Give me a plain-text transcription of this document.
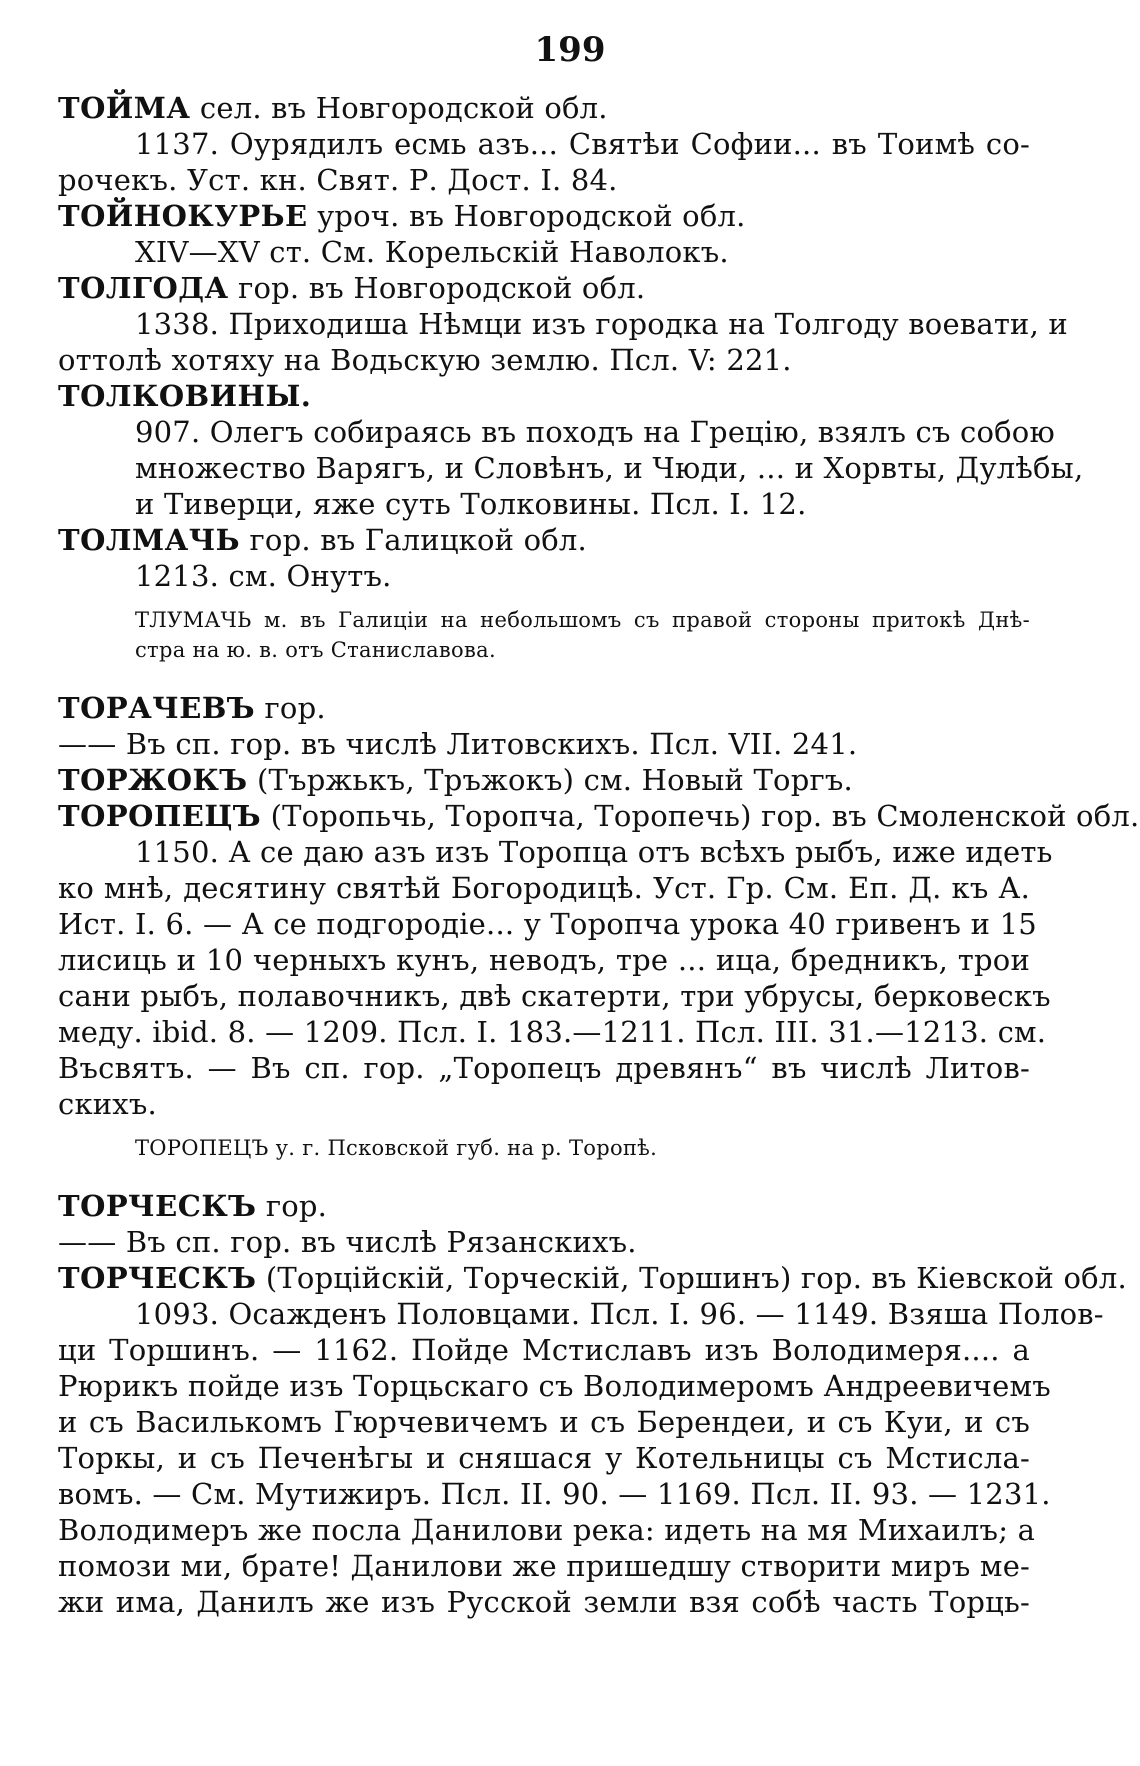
199
ТОЙМА сел. въ Новгородской обл.
1137. Оурядилъ есмь азъ... Святѣи Софии... въ Тоимѣ со-
рочекъ. Уст. кн. Свят. Р. Дост. I. 84.
ТОЙНОКУРЬЕ уроч. въ Новгородской обл.
XIV—XV ст. См. Корельскій Наволокъ.
ТОЛГОДА гор. въ Новгородской обл.
1338. Приходиша Нѣмци изъ городка на Толгоду воевати, и
оттолѣ хотяху на Водьскую землю. Псл. V: 221.
ТОЛКОВИНЫ.
907. Олегъ собираясь въ походъ на Грецію, взялъ съ собою
множество Варягъ, и Словѣнъ, и Чюди, ... и Хорвты, Дулѣбы,
и Тиверци, яже суть Толковины. Псл. I. 12.
ТОЛМАЧЬ гор. въ Галицкой обл.
1213. см. Онутъ.
ТЛУМАЧЬ м. въ Галиціи на небольшомъ съ правой стороны притокѣ Днѣ-
стра на ю. в. отъ Станиславова.
ТОРАЧЕВЪ гор.
—— Въ сп. гор. въ числѣ Литовскихъ. Псл. VII. 241.
ТОРЖОКЪ (Тържькъ, Тръжокъ) см. Новый Торгъ.
ТОРОПЕЦЪ (Торопьчь, Торопча, Торопечь) гор. въ Смоленской обл.
1150. А се даю азъ изъ Торопца отъ всѣхъ рыбъ, иже идеть
ко мнѣ, десятину святѣй Богородицѣ. Уст. Гр. См. Еп. Д. къ А.
Ист. I. 6. — А се подгородіе... у Торопча урока 40 гривенъ и 15
лисиць и 10 черныхъ кунъ, неводъ, тре ... ица, бредникъ, трои
сани рыбъ, полавочникъ, двѣ скатерти, три убрусы, берковескъ
меду. ibid. 8. — 1209. Псл. I. 183.—1211. Псл. III. 31.—1213. см.
Въсвятъ. — Въ сп. гор. „Торопецъ древянъ“ въ числѣ Литов-
скихъ.
ТОРОПЕЦЪ у. г. Псковской губ. на р. Торопѣ.
ТОРЧЕСКЪ гор.
—— Въ сп. гор. въ числѣ Рязанскихъ.
ТОРЧЕСКЪ (Торційскій, Торческій, Торшинъ) гор. въ Кіевской обл.
1093. Осажденъ Половцами. Псл. I. 96. — 1149. Взяша Полов-
ци Торшинъ. — 1162. Пойде Мстиславъ изъ Володимеря.... а
Рюрикъ пойде изъ Торцьскаго съ Володимеромъ Андреевичемъ
и съ Василькомъ Гюрчевичемъ и съ Берендеи, и съ Куи, и съ
Торкы, и съ Печенѣгы и сняшася у Котельницы съ Мстисла-
вомъ. — См. Мутижиръ. Псл. II. 90. — 1169. Псл. II. 93. — 1231.
Володимеръ же посла Данилови река: идеть на мя Михаилъ; а
помози ми, брате! Данилови же пришедшу створити миръ ме-
жи има, Данилъ же изъ Русской земли взя собѣ часть Торць-
